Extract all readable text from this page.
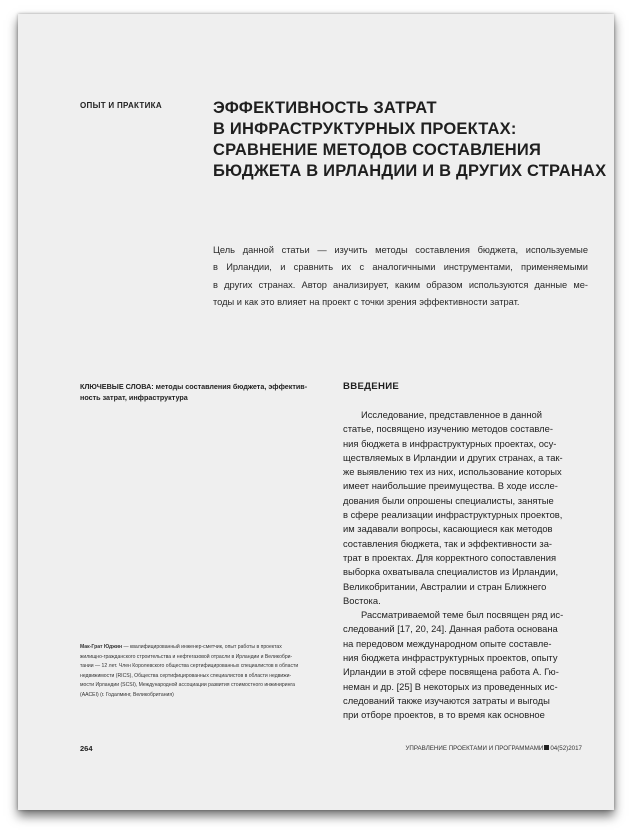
ОПЫТ И ПРАКТИКА	ЭФФЕКТИВНОСТЬ ЗАТРАТ
В ИНФРАСТРУКТУРНЫХ ПРОЕКТАХ:
СРАВНЕНИЕ МЕТОДОВ СОСТАВЛЕНИЯ
БЮДЖЕТА В ИРЛАНДИИ И В ДРУГИХ СТРАНАХ
Цель данной статьи — изучить методы составления бюджета, используемые
в Ирландии, и сравнить их с аналогичными инструментами, применяемыми
в других странах. Автор анализирует, каким образом используются данные ме-
тоды и как это влияет на проект с точки зрения эффективности затрат.
КЛЮЧЕВЫЕ СЛОВА: методы составления бюджета, эффектив-
ность затрат, инфраструктура
ВВЕДЕНИЕ
Исследование, представленное в данной
статье, посвящено изучению методов составле-
ния бюджета в инфраструктурных проектах, осу-
ществляемых в Ирландии и других странах, а так-
же выявлению тех из них, использование которых
имеет наибольшие преимущества. В ходе иссле-
дования были опрошены специалисты, занятые
в сфере реализации инфраструктурных проектов,
им задавали вопросы, касающиеся как методов
составления бюджета, так и эффективности за-
трат в проектах. Для корректного сопоставления
выборка охватывала специалистов из Ирландии,
Великобритании, Австралии и стран Ближнего
Востока.
Рассматриваемой теме был посвящен ряд ис-
следований [17, 20, 24]. Данная работа основана
на передовом международном опыте составле-
ния бюджета инфраструктурных проектов, опыту
Ирландии в этой сфере посвящена работа А. Гю-
неман и др. [25] В некоторых из проведенных ис-
следований также изучаются затраты и выгоды
при отборе проектов, в то время как основное
Мак-Грат Юджин — квалифицированный инженер-сметчик, опыт работы в проектах
жилищно-гражданского строительства и нефтегазовой отрасли в Ирландии и Великобри-
тании — 12 лет. Член Королевского общества сертифицированных специалистов в области
недвижимости (RICS), Общества сертифицированных специалистов в области недвижи-
мости Ирландии (SCSI), Международной ассоциации развития стоимостного инжиниринга
(AACEI) (г. Годалминг, Великобритания)
264	УПРАВЛЕНИЕ ПРОЕКТАМИ И ПРОГРАММАМИ 04(52)2017
